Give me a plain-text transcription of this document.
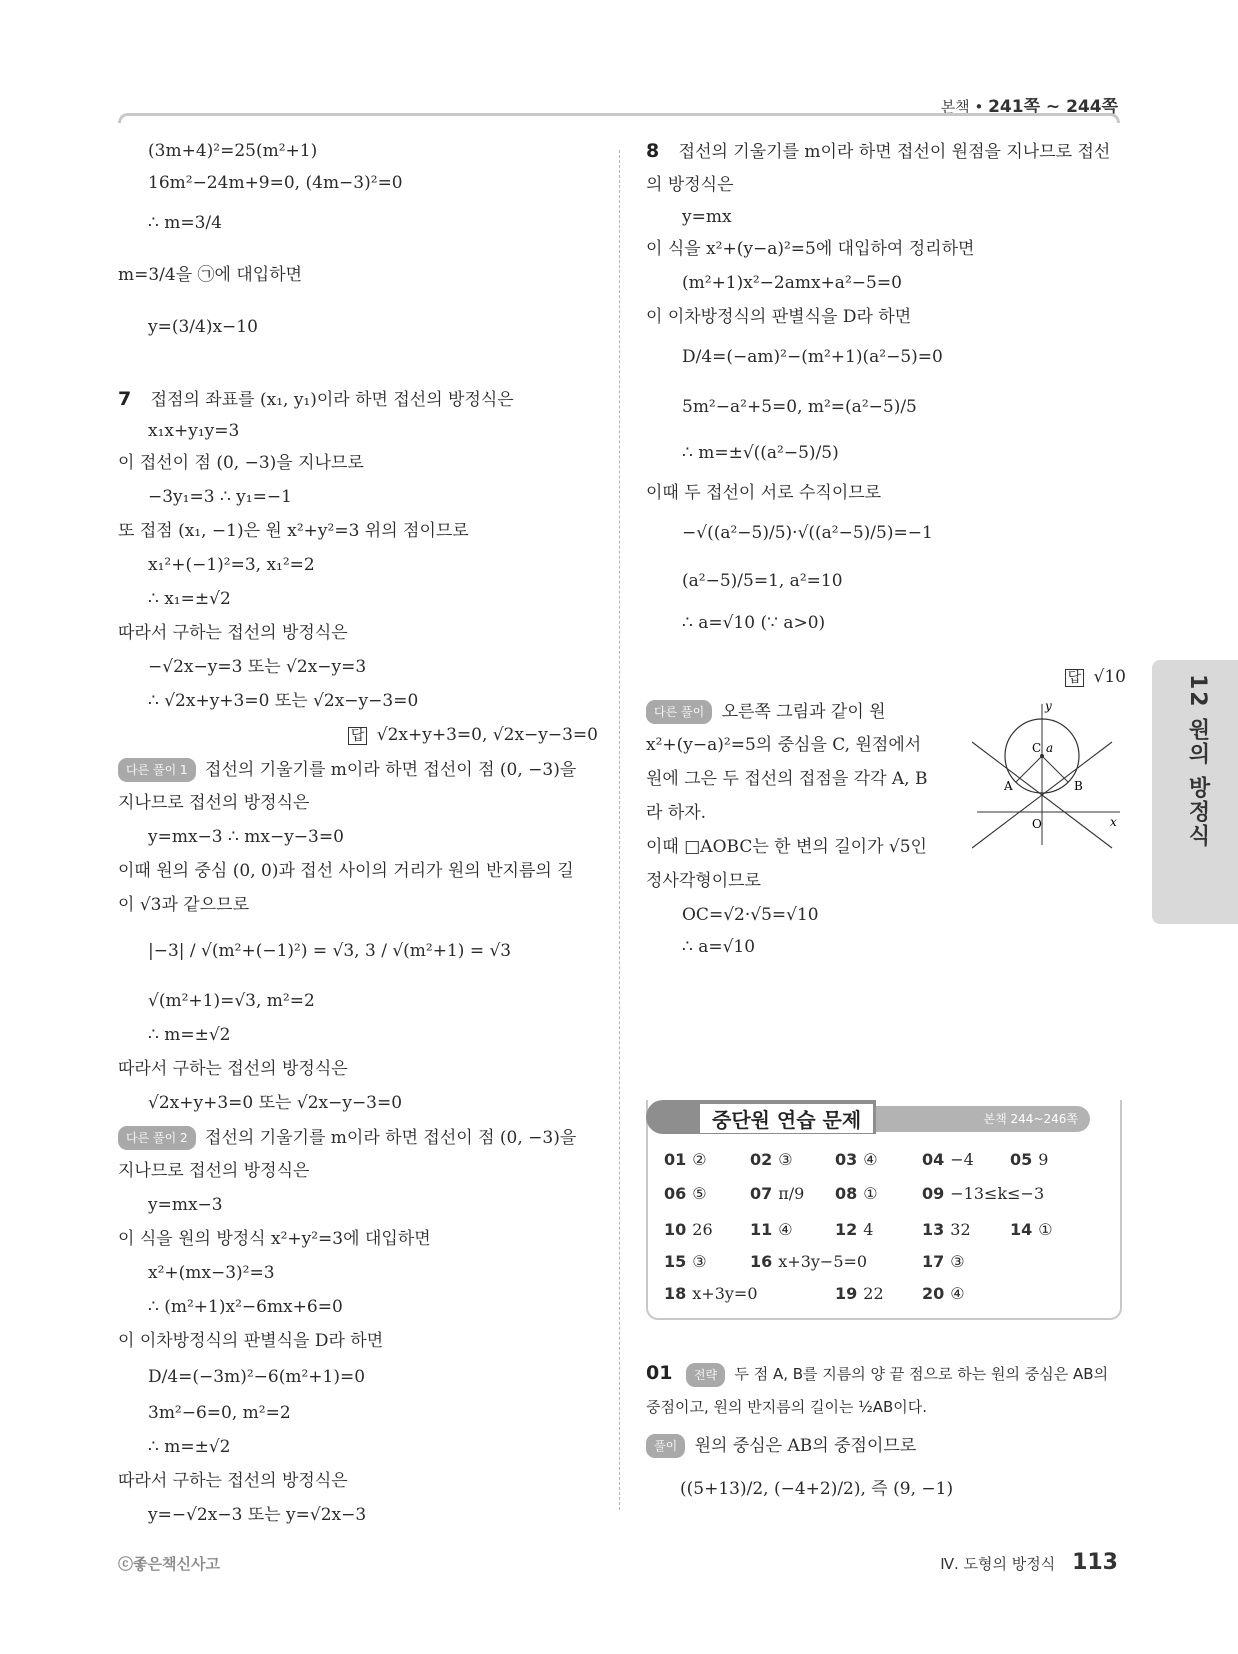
본책 • 241쪽 ~ 244쪽
(3m+4)²=25(m²+1)
16m²−24m+9=0, (4m−3)²=0
∴ m=3/4
m=3/4을 ㉠에 대입하면
y=(3/4)x−10
7 접점의 좌표를 (x₁, y₁)이라 하면 접선의 방정식은
x₁x+y₁y=3
이 접선이 점 (0, −3)을 지나므로
−3y₁=3 ∴ y₁=−1
또 접점 (x₁, −1)은 원 x²+y²=3 위의 점이므로
x₁²+(−1)²=3, x₁²=2
∴ x₁=±√2
따라서 구하는 접선의 방정식은
−√2x−y=3 또는 √2x−y=3
∴ √2x+y+3=0 또는 √2x−y−3=0
답 √2x+y+3=0, √2x−y−3=0
다른 풀이 1 접선의 기울기를 m이라 하면 접선이 점 (0, −3)을
지나므로 접선의 방정식은
y=mx−3 ∴ mx−y−3=0
이때 원의 중심 (0, 0)과 접선 사이의 거리가 원의 반지름의 길
이 √3과 같으므로
|−3| / √(m²+(−1)²) = √3, 3 / √(m²+1) = √3
√(m²+1)=√3, m²=2
∴ m=±√2
따라서 구하는 접선의 방정식은
√2x+y+3=0 또는 √2x−y−3=0
다른 풀이 2 접선의 기울기를 m이라 하면 접선이 점 (0, −3)을
지나므로 접선의 방정식은
y=mx−3
이 식을 원의 방정식 x²+y²=3에 대입하면
x²+(mx−3)²=3
∴ (m²+1)x²−6mx+6=0
이 이차방정식의 판별식을 D라 하면
D/4=(−3m)²−6(m²+1)=0
3m²−6=0, m²=2
∴ m=±√2
따라서 구하는 접선의 방정식은
y=−√2x−3 또는 y=√2x−3
8 접선의 기울기를 m이라 하면 접선이 원점을 지나므로 접선
의 방정식은
y=mx
이 식을 x²+(y−a)²=5에 대입하여 정리하면
(m²+1)x²−2amx+a²−5=0
이 이차방정식의 판별식을 D라 하면
D/4=(−am)²−(m²+1)(a²−5)=0
5m²−a²+5=0, m²=(a²−5)/5
∴ m=±√((a²−5)/5)
이때 두 접선이 서로 수직이므로
−√((a²−5)/5)·√((a²−5)/5)=−1
(a²−5)/5=1, a²=10
∴ a=√10 (∵ a>0)
답 √10
다른 풀이 오른쪽 그림과 같이 원
x²+(y−a)²=5의 중심을 C, 원점에서
원에 그은 두 접선의 접점을 각각 A, B
라 하자.
이때 □AOBC는 한 변의 길이가 √5인
정사각형이므로
OC=√2·√5=√10
∴ a=√10
y
x
C a
A	B
O	12 원의 방정식
중단원 연습 문제	본책 244~246쪽
01 ②	02 ③	03 ④	04 −4 05 9
06 ⑤	07 π/9 08 ①	09 −13≤k≤−3
10 26 11 ④	12 4	13 32 14 ①
15 ③	16 x+3y−5=0	17 ③
18 x+3y=0	19 22 20 ④
01 전략 두 점 A, B를 지름의 양 끝 점으로 하는 원의 중심은 AB의
중점이고, 원의 반지름의 길이는 ½AB이다.
풀이 원의 중심은 AB의 중점이므로
((5+13)/2, (−4+2)/2), 즉 (9, −1)
ⓒ좋은책신사고	Ⅳ. 도형의 방정식 113
